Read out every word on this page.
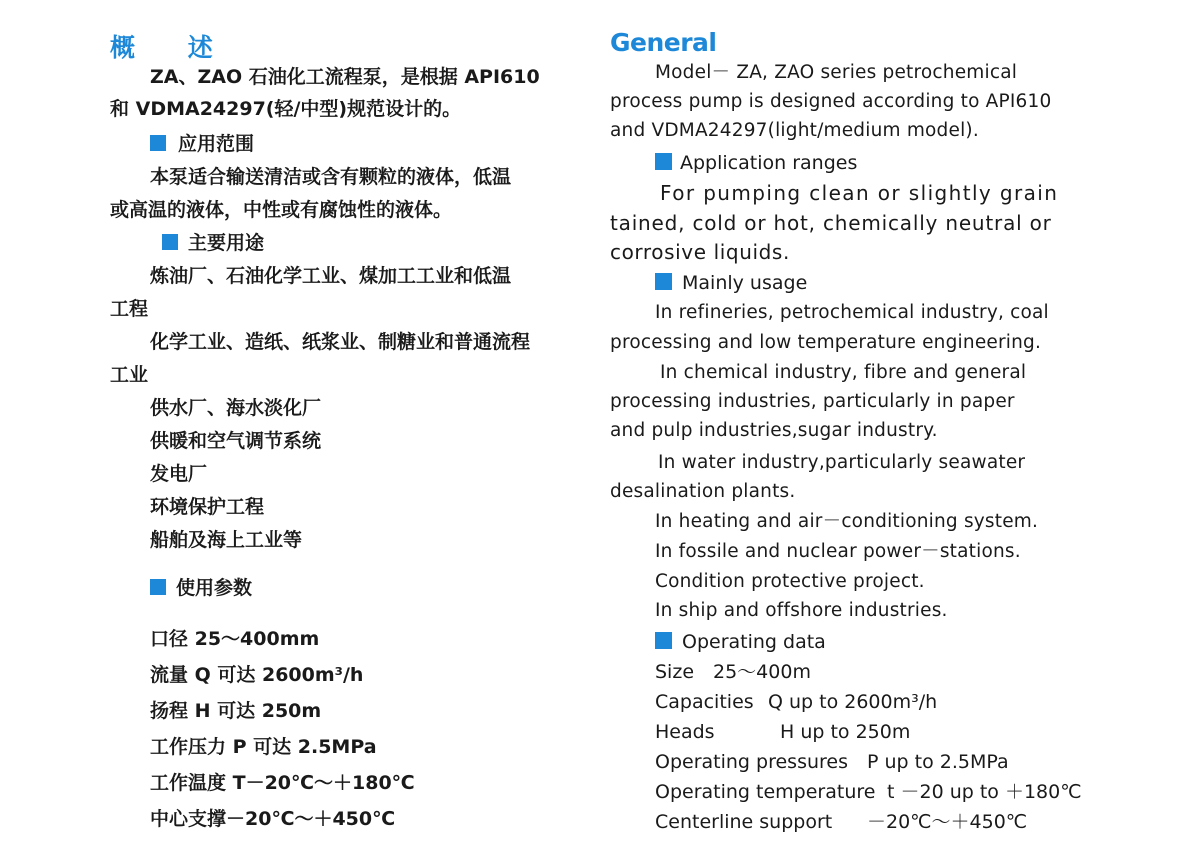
概 述
ZA、ZAO 石油化工流程泵，是根据 API610
和 VDMA24297(轻/中型)规范设计的。
应用范围
本泵适合输送清洁或含有颗粒的液体，低温
或高温的液体，中性或有腐蚀性的液体。
主要用途
炼油厂、石油化学工业、煤加工工业和低温
工程
化学工业、造纸、纸浆业、制糖业和普通流程
工业
供水厂、海水淡化厂
供暖和空气调节系统
发电厂
环境保护工程
船舶及海上工业等
使用参数
口径 25～400mm
流量 Q 可达 2600m³/h
扬程 H 可达 250m
工作压力 P 可达 2.5MPa
工作温度 T－20℃～＋180℃
中心支撑－20℃～＋450℃
General
Model－ ZA, ZAO series petrochemical
process pump is designed according to API610
and VDMA24297(light/medium model).
Application ranges
For pumping clean or slightly grain
tained, cold or hot, chemically neutral or
corrosive liquids.
Mainly usage
In refineries, petrochemical industry, coal
processing and low temperature engineering.
In chemical industry, fibre and general
processing industries, particularly in paper
and pulp industries,sugar industry.
In water industry,particularly seawater
desalination plants.
In heating and air－conditioning system.
In fossile and nuclear power－stations.
Condition protective project.
In ship and offshore industries.
Operating data
Size 25～400m
Capacities Q up to 2600m³/h
Heads	H up to 250m
Operating pressures P up to 2.5MPa
Operating temperature t －20 up to ＋180℃
Centerline support －20℃～＋450℃
